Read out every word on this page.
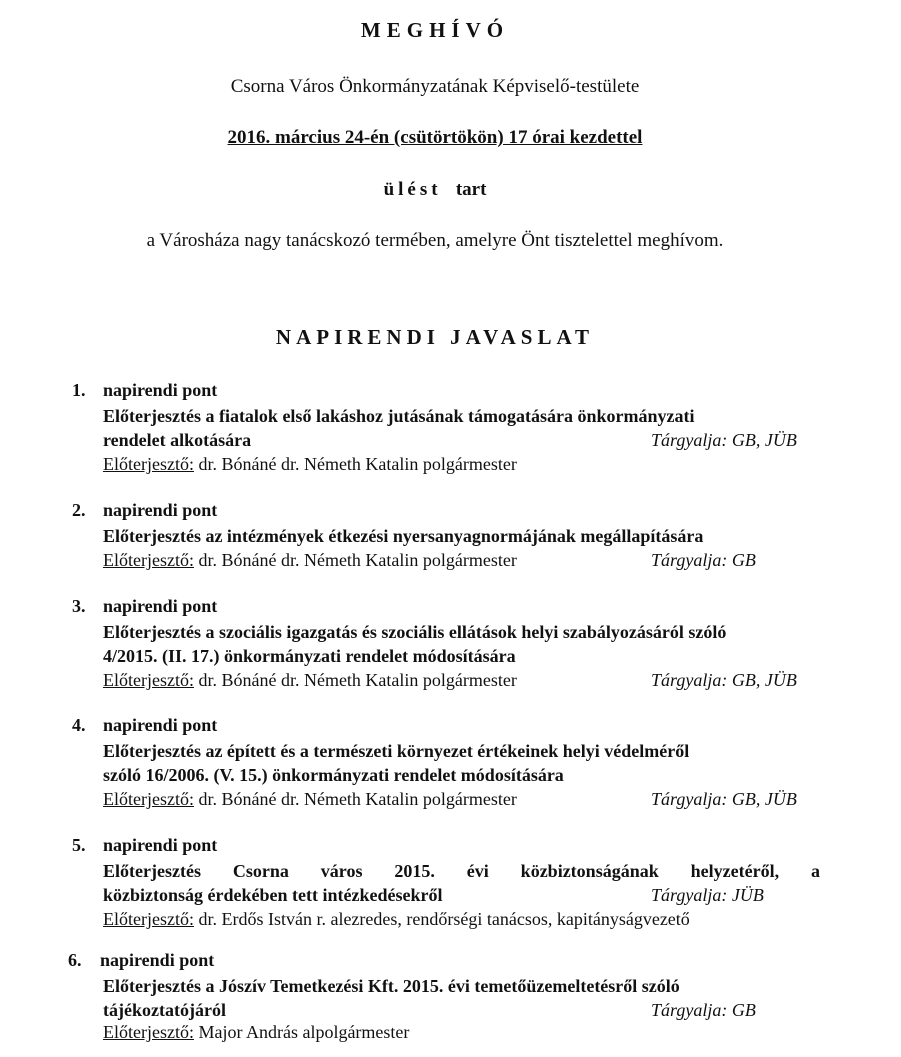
MEGHÍVÓ
Csorna Város Önkormányzatának Képviselő-testülete
2016. március 24-én (csütörtökön) 17 órai kezdettel
ülést tart
a Városháza nagy tanácskozó termében, amelyre Önt tisztelettel meghívom.
NAPIRENDI JAVASLAT
1. napirendi pont
Előterjesztés a fiatalok első lakáshoz jutásának támogatására önkormányzati
rendelet alkotására	Tárgyalja: GB, JÜB
Előterjesztő: dr. Bónáné dr. Németh Katalin polgármester
2. napirendi pont
Előterjesztés az intézmények étkezési nyersanyagnormájának megállapítására
Tárgyalja: GB
Előterjesztő: dr. Bónáné dr. Németh Katalin polgármester
3. napirendi pont
Előterjesztés a szociális igazgatás és szociális ellátások helyi szabályozásáról szóló
4/2015. (II. 17.) önkormányzati rendelet módosítására
Tárgyalja: GB, JÜB
Előterjesztő: dr. Bónáné dr. Németh Katalin polgármester
4. napirendi pont
Előterjesztés az épített és a természeti környezet értékeinek helyi védelméről
szóló 16/2006. (V. 15.) önkormányzati rendelet módosítására
Tárgyalja: GB, JÜB
Előterjesztő: dr. Bónáné dr. Németh Katalin polgármester
5. napirendi pont
Előterjesztés Csorna város 2015. évi közbiztonságának helyzetéről, a
közbiztonság érdekében tett intézkedésekről	Tárgyalja: JÜB
Előterjesztő: dr. Erdős István r. alezredes, rendőrségi tanácsos, kapitányságvezető
6. napirendi pont
Előterjesztés a Jószív Temetkezési Kft. 2015. évi temetőüzemeltetésről szóló
tájékoztatójáról	Tárgyalja: GB
Előterjesztő: Major András alpolgármester
